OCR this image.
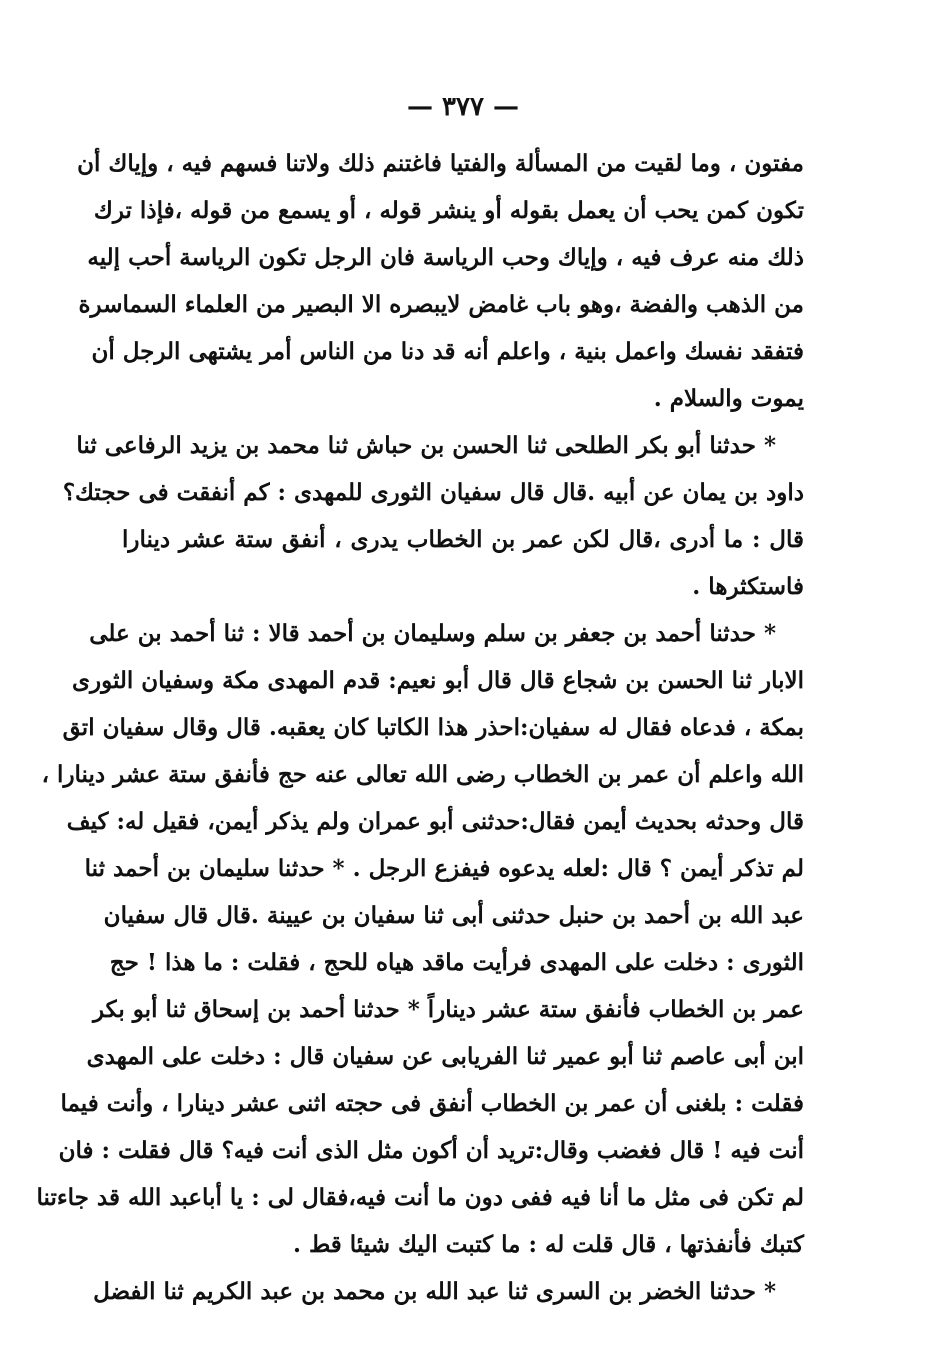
— ٣٧٧ —
مفتون ، وما لقيت من المسألة والفتيا فاغتنم ذلك ولاتنا فسهم فيه ، وإياك أن
تكون كمن يحب أن يعمل بقوله أو ينشر قوله ، أو يسمع من قوله ،فإذا ترك
ذلك منه عرف فيه ، وإياك وحب الرياسة فان الرجل تكون الرياسة أحب إليه
من الذهب والفضة ،وهو باب غامض لايبصره الا البصير من العلماء السماسرة
فتفقد نفسك واعمل بنية ، واعلم أنه قد دنا من الناس أمر يشتهى الرجل أن
يموت والسلام .
* حدثنا أبو بكر الطلحى ثنا الحسن بن حباش ثنا محمد بن يزيد الرفاعى ثنا
داود بن يمان عن أبيه .قال قال سفيان الثورى للمهدى : كم أنفقت فى حجتك؟
قال : ما أدرى ،قال لكن عمر بن الخطاب يدرى ، أنفق ستة عشر دينارا
فاستكثرها .
* حدثنا أحمد بن جعفر بن سلم وسليمان بن أحمد قالا : ثنا أحمد بن على
الابار ثنا الحسن بن شجاع قال قال أبو نعيم: قدم المهدى مكة وسفيان الثورى
بمكة ، فدعاه فقال له سفيان:احذر هذا الكاتبا كان يعقبه. قال وقال سفيان اتق
الله واعلم أن عمر بن الخطاب رضى الله تعالى عنه حج فأنفق ستة عشر دينارا ،
قال وحدثه بحديث أيمن فقال:حدثنى أبو عمران ولم يذكر أيمن، فقيل له: كيف
لم تذكر أيمن ؟ قال :لعله يدعوه فيفزع الرجل . * حدثنا سليمان بن أحمد ثنا
عبد الله بن أحمد بن حنبل حدثنى أبى ثنا سفيان بن عيينة .قال قال سفيان
الثورى : دخلت على المهدى فرأيت ماقد هياه للحج ، فقلت : ما هذا ! حج
عمر بن الخطاب فأنفق ستة عشر ديناراً * حدثنا أحمد بن إسحاق ثنا أبو بكر
ابن أبى عاصم ثنا أبو عمير ثنا الفريابى عن سفيان قال : دخلت على المهدى
فقلت : بلغنى أن عمر بن الخطاب أنفق فى حجته اثنى عشر دينارا ، وأنت فيما
أنت فيه ! قال فغضب وقال:تريد أن أكون مثل الذى أنت فيه؟ قال فقلت : فان
لم تكن فى مثل ما أنا فيه ففى دون ما أنت فيه،فقال لى : يا أباعبد الله قد جاءتنا
كتبك فأنفذتها ، قال قلت له : ما كتبت اليك شيئا قط .
* حدثنا الخضر بن السرى ثنا عبد الله بن محمد بن عبد الكريم ثنا الفضل
